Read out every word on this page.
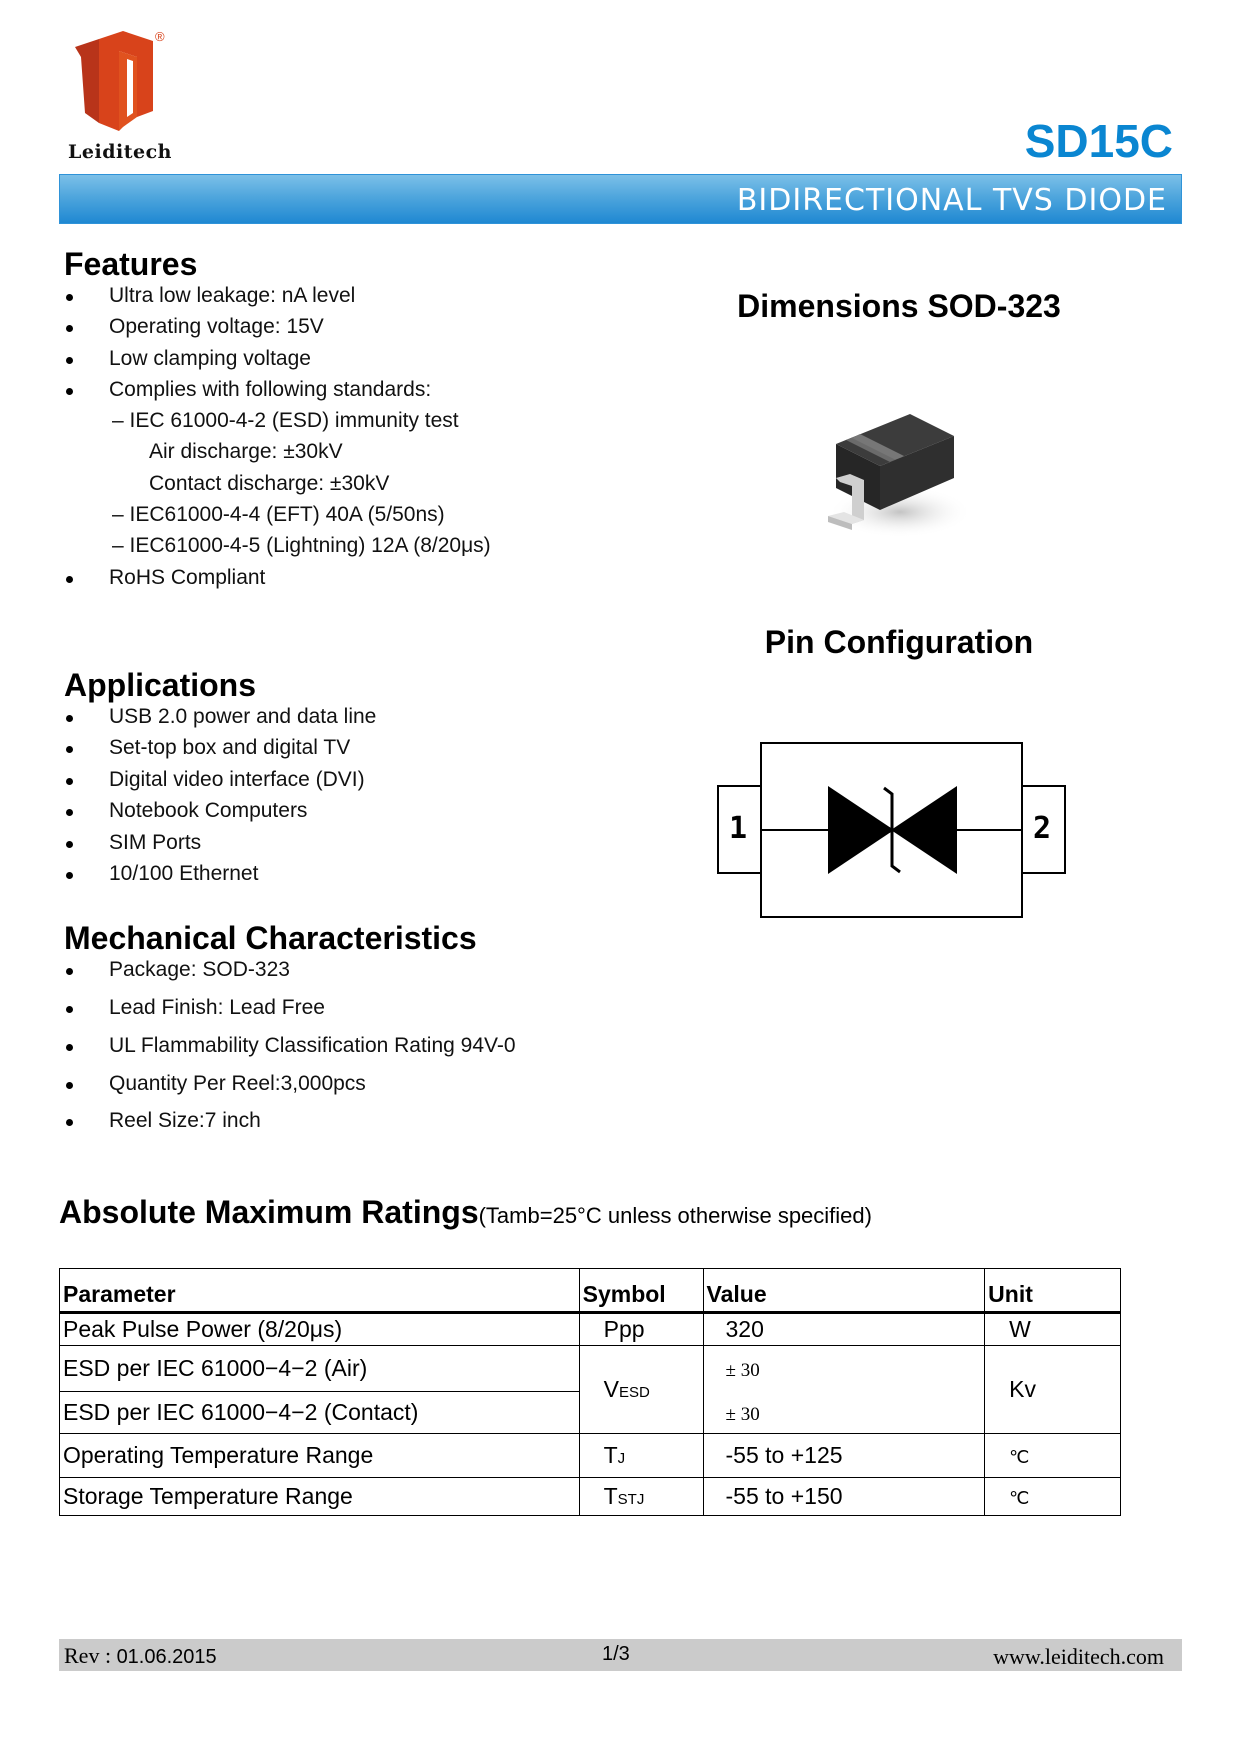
®
Leiditech	SD15C
BIDIRECTIONAL TVS DIODE
Features
Ultra low leakage: nA level
Operating voltage: 15V
Low clamping voltage
Complies with following standards:
– IEC 61000-4-2 (ESD) immunity test
Air discharge: ±30kV
Contact discharge: ±30kV
– IEC61000-4-4 (EFT) 40A (5/50ns)
– IEC61000-4-5 (Lightning) 12A (8/20μs)
RoHS Compliant
Applications
USB 2.0 power and data line
Set-top box and digital TV
Digital video interface (DVI)
Notebook Computers
SIM Ports
10/100 Ethernet
Mechanical Characteristics
Package: SOD-323
Lead Finish: Lead Free
UL Flammability Classification Rating 94V-0
Quantity Per Reel:3,000pcs
Reel Size:7 inch
Dimensions SOD-323
Pin Configuration
1	2
Absolute Maximum Ratings(Tamb=25°C unless otherwise specified)
Parameter	Symbol	Value	Unit
Peak Pulse Power (8/20μs)	Ppp	320	W
ESD per IEC 61000−4−2 (Air)	VESD	± 30	Kv
ESD per IEC 61000−4−2 (Contact)		± 30	
Operating Temperature Range	TJ	-55 to +125	℃
Storage Temperature Range	TSTJ	-55 to +150	℃
Rev : 01.06.2015	1/3	www.leiditech.com
